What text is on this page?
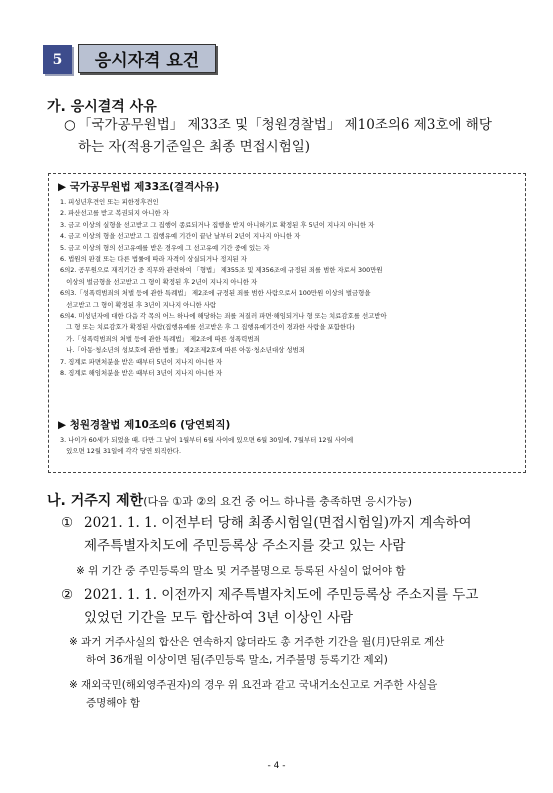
5	응시자격 요건
가. 응시결격 사유
○ 「국가공무원법」 제33조 및「청원경찰법」 제10조의6 제3호에 해당
하는 자(적용기준일은 최종 면접시험일)
▶ 국가공무원법 제33조(결격사유)
1. 피성년후견인 또는 피한정후견인
2. 파산선고를 받고 복권되지 아니한 자
3. 금고 이상의 실형을 선고받고 그 집행이 종료되거나 집행을 받지 아니하기로 확정된 후 5년이 지나지 아니한 자
4. 금고 이상의 형을 선고받고 그 집행유예 기간이 끝난 날부터 2년이 지나지 아니한 자
5. 금고 이상의 형의 선고유예를 받은 경우에 그 선고유예 기간 중에 있는 자
6. 법원의 판결 또는 다른 법률에 따라 자격이 상실되거나 정지된 자
6의2. 공무원으로 재직기간 중 직무와 관련하여 「형법」 제355조 및 제356조에 규정된 죄를 범한 자로서 300만원
이상의 벌금형을 선고받고 그 형이 확정된 후 2년이 지나지 아니한 자
6의3.「성폭력범죄의 처벌 등에 관한 특례법」 제2조에 규정된 죄를 범한 사람으로서 100만원 이상의 벌금형을
선고받고 그 형이 확정된 후 3년이 지나지 아니한 사람
6의4. 미성년자에 대한 다음 각 목의 어느 하나에 해당하는 죄를 저질러 파면·해임되거나 형 또는 치료감호를 선고받아
그 형 또는 치료감호가 확정된 사람(집행유예를 선고받은 후 그 집행유예기간이 경과한 사람을 포함한다)
가.「성폭력범죄의 처벌 등에 관한 특례법」 제2조에 따른 성폭력범죄
나.「아동·청소년의 성보호에 관한 법률」 제2조제2호에 따른 아동·청소년대상 성범죄
7. 징계로 파면처분을 받은 때부터 5년이 지나지 아니한 자
8. 징계로 해임처분을 받은 때부터 3년이 지나지 아니한 자
▶ 청원경찰법 제10조의6 (당연퇴직)
3. 나이가 60세가 되었을 때. 다만 그 날이 1월부터 6월 사이에 있으면 6월 30일에, 7월부터 12월 사이에
있으면 12월 31일에 각각 당연 퇴직한다.
나. 거주지 제한(다음 ①과 ②의 요건 중 어느 하나를 충족하면 응시가능)
① 2021. 1. 1. 이전부터 당해 최종시험일(면접시험일)까지 계속하여
제주특별자치도에 주민등록상 주소지를 갖고 있는 사람
※ 위 기간 중 주민등록의 말소 및 거주불명으로 등록된 사실이 없어야 함
② 2021. 1. 1. 이전까지 제주특별자치도에 주민등록상 주소지를 두고
있었던 기간을 모두 합산하여 3년 이상인 사람
※ 과거 거주사실의 합산은 연속하지 않더라도 총 거주한 기간을 월(月)단위로 계산
하여 36개월 이상이면 됨(주민등록 말소, 거주불명 등록기간 제외)
※ 재외국민(해외영주권자)의 경우 위 요건과 같고 국내거소신고로 거주한 사실을
증명해야 함
- 4 -
